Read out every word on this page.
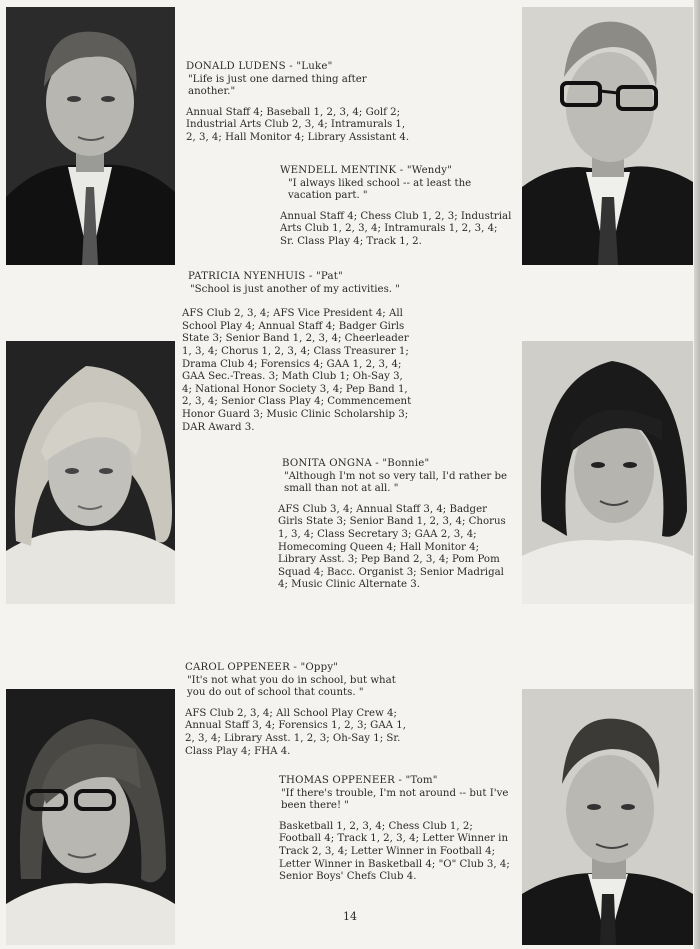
DONALD LUDENS - "Luke"
"Life is just one darned thing after another."
Annual Staff 4; Baseball 1, 2, 3, 4; Golf 2; Industrial Arts Club 2, 3, 4; Intramurals 1, 2, 3, 4; Hall Monitor 4; Library Assistant 4.
WENDELL MENTINK - "Wendy"
"I always liked school -- at least the vacation part. "
Annual Staff 4; Chess Club 1, 2, 3; Industrial Arts Club 1, 2, 3, 4; Intramurals 1, 2, 3, 4; Sr. Class Play 4; Track 1, 2.
PATRICIA NYENHUIS - "Pat"
"School is just another of my activities. "
AFS Club 2, 3, 4; AFS Vice President 4; All School Play 4; Annual Staff 4; Badger Girls State 3; Senior Band 1, 2, 3, 4; Cheerleader 1, 3, 4; Chorus 1, 2, 3, 4; Class Treasurer 1; Drama Club 4; Forensics 4; GAA 1, 2, 3, 4; GAA Sec.-Treas. 3; Math Club 1; Oh-Say 3, 4; National Honor Society 3, 4; Pep Band 1, 2, 3, 4; Senior Class Play 4; Commencement Honor Guard 3; Music Clinic Scholarship 3; DAR Award 3.
BONITA ONGNA - "Bonnie"
"Although I'm not so very tall, I'd rather be small than not at all. "
AFS Club 3, 4; Annual Staff 3, 4; Badger Girls State 3; Senior Band 1, 2, 3, 4; Chorus 1, 3, 4; Class Secretary 3; GAA 2, 3, 4; Homecoming Queen 4; Hall Monitor 4; Library Asst. 3; Pep Band 2, 3, 4; Pom Pom Squad 4; Bacc. Organist 3; Senior Madrigal 4; Music Clinic Alternate 3.
CAROL OPPENEER - "Oppy"
"It's not what you do in school, but what you do out of school that counts. "
AFS Club 2, 3, 4; All School Play Crew 4; Annual Staff 3, 4; Forensics 1, 2, 3; GAA 1, 2, 3, 4; Library Asst. 1, 2, 3; Oh-Say 1; Sr. Class Play 4; FHA 4.
THOMAS OPPENEER - "Tom"
"If there's trouble, I'm not around -- but I've been there! "
Basketball 1, 2, 3, 4; Chess Club 1, 2; Football 4; Track 1, 2, 3, 4; Letter Winner in Track 2, 3, 4; Letter Winner in Football 4; Letter Winner in Basketball 4; "O" Club 3, 4; Senior Boys' Chefs Club 4.
14
